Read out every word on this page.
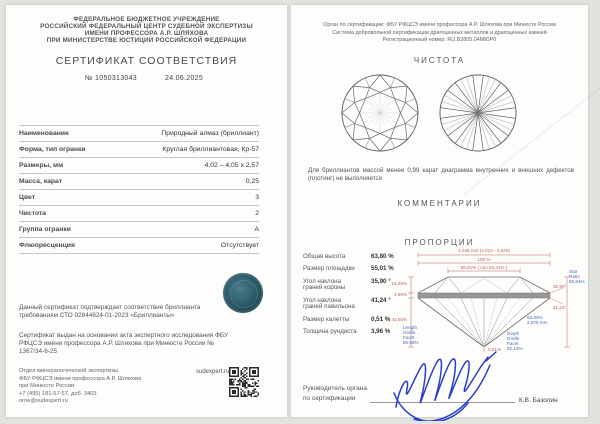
ФЕДЕРАЛЬНОЕ БЮДЖЕТНОЕ УЧРЕЖДЕНИЕ
РОССИЙСКИЙ ФЕДЕРАЛЬНЫЙ ЦЕНТР СУДЕБНОЙ ЭКСПЕРТИЗЫ
ИМЕНИ ПРОФЕССОРА А.Р. ШЛЯХОВА
ПРИ МИНИСТЕРСТВЕ ЮСТИЦИИ РОССИЙСКОЙ ФЕДЕРАЦИИ
СЕРТИФИКАТ СООТВЕТСТВИЯ
№ 1050313043	24.06.2025
Наименование	Природный алмаз (бриллиант)
Форма, тип огранки	Круглая бриллиантовая, Кр-57
Размеры, мм	4,02 – 4,05 x 2,57
Масса, карат	0,25
Цвет	3
Чистота	2
Группа огранки	А
Флюоресценция	Отсутствует

Данный сертификат подтверждает соответствие бриллианта требованиям СТО 02844624-01-2023 «Бриллианты»

Сертификат выдан на основании акта экспертного исследования ФБУ РФЦСЭ имени профессора А.Р. Шляхова при Минюсте России № 1367/34-6-25

Отдел минералогической экспертизы
ФБУ РФЦСЭ имени профессора А.Р. Шляхова
при Минюсте России
+7 (495) 181-57-57, доб. 3403
orne@sudexpert.ru
sudexpert.ru
Орган по сертификации: ФБУ РФЦСЭ имени профессора А.Р. Шляхова при Минюсте России
Система добровольной сертификации драгоценных металлов и драгоценных камней
Регистрационный номер: RU.В2805.04МЮР0
ЧИСТОТА

Для бриллиантов массой менее 0,99 карат диаграмма внутренних и внешних дефектов (плотинг) не выполняется

КОММЕНТАРИИ
ПРОПОРЦИИ
Общая высота	63,80 %
Размер площадки	55,01 %
Угол наклона граней короны
35,90 °
Угол наклона граней павильона
41,24 °
Размер калетты	0,51 %
Толщина рундиста 3,96 %
4,036 mm (4,023 - 4,049)
100 %
55,01% ( min 54,41% )
16,29%
3,96%
43,55%
35,90°
41,24°
Star Ratio 50,94%
63,80% 2,575 mm
Length Girdle Facet 80,58%
Depth Girdle Facet 82,15%
0,51%
Руководитель органа
по сертификации	К.В. Базолин
